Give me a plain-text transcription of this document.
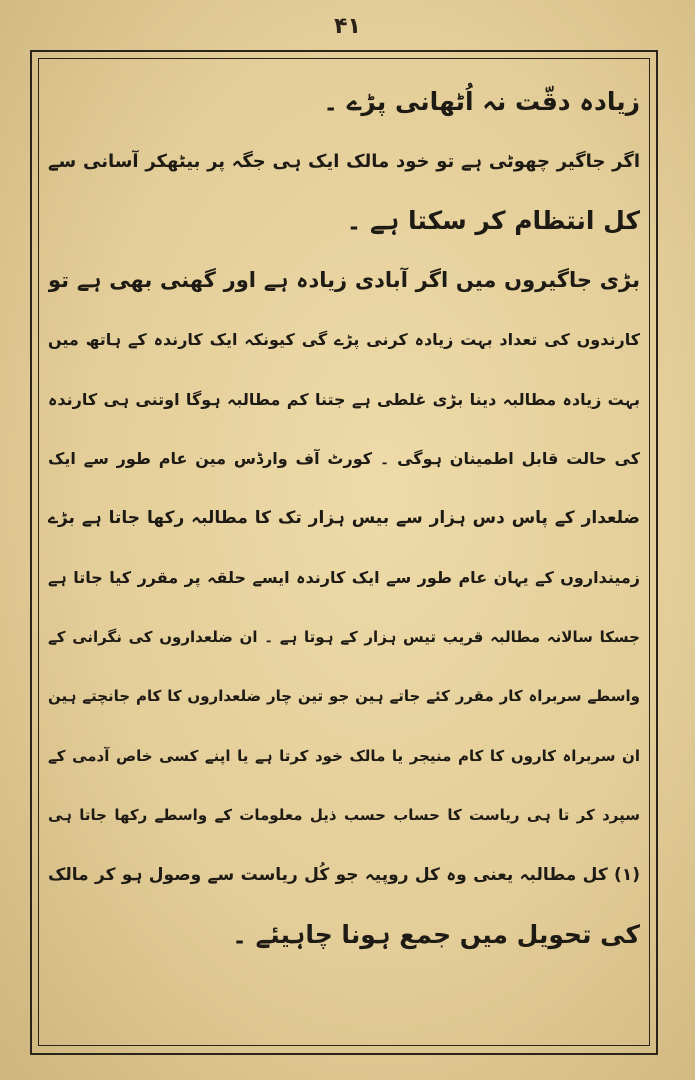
۴۱
زیادہ دقّت نہ اُٹھانی پڑے ۔
اگر جاگیر چھوٹی ہے تو خود مالک ایک ہی جگہ پر بیٹھکر آسانی سے
کل انتظام کر سکتا ہے ۔
بڑی جاگیروں میں اگر آبادی زیادہ ہے اور گھنی بھی ہے تو
کارندوں کی تعداد بہت زیادہ کرنی پڑے گی کیونکہ ایک کارندہ کے ہاتھ میں
بہت زیادہ مطالبہ دینا بڑی غلطی ہے جتنا کم مطالبہ ہوگا اوتنی ہی کارندہ
کی حالت قابل اطمینان ہوگی ۔ کورٹ آف وارڈس مین عام طور سے ایک
ضلعدار کے پاس دس ہزار سے بیس ہزار تک کا مطالبہ رکھا جاتا ہے بڑے
زمینداروں کے یہان عام طور سے ایک کارندہ ایسے حلقہ پر مقرر کیا جاتا ہے
جسکا سالانہ مطالبہ قریب تیس ہزار کے ہوتا ہے ۔ ان ضلعداروں کی نگرانی کے
واسطے سربراہ کار مقرر کئے جاتے ہین جو تین چار ضلعداروں کا کام جانچتے ہین
ان سربراہ کاروں کا کام منیجر یا مالک خود کرتا ہے یا اپنے کسی خاص آدمی کے
سپرد کر تا ہی ریاست کا حساب حسب ذیل معلومات کے واسطے رکھا جاتا ہی
(۱) کل مطالبہ یعنی وہ کل روپیہ جو کُل ریاست سے وصول ہو کر مالک
کی تحویل میں جمع ہونا چاہیئے ۔
